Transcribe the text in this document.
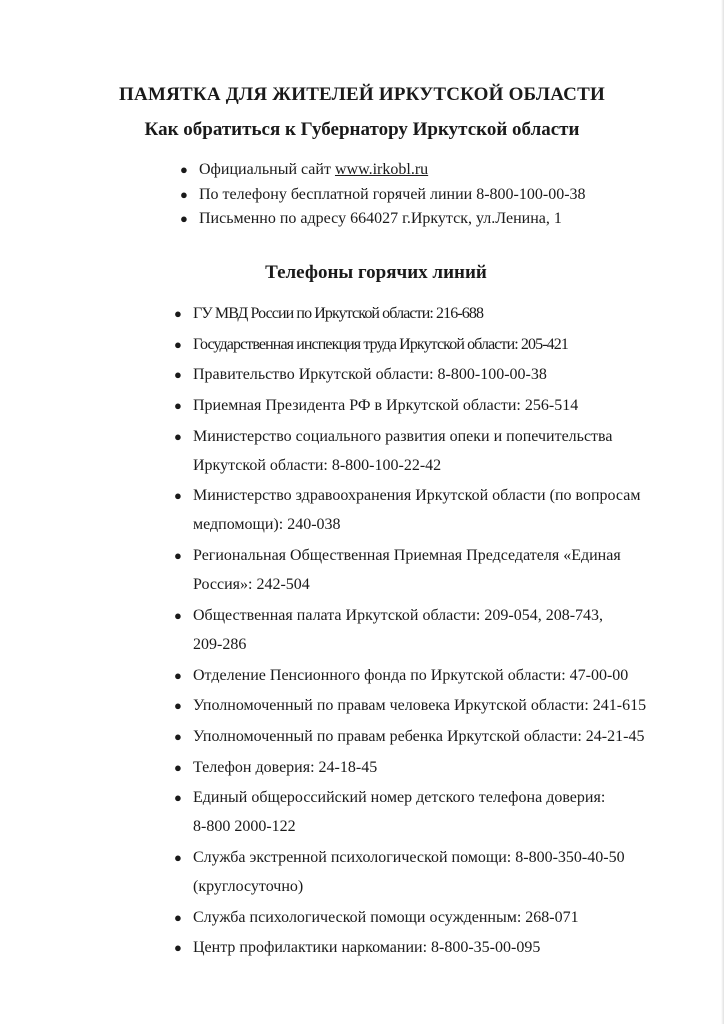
ПАМЯТКА ДЛЯ ЖИТЕЛЕЙ ИРКУТСКОЙ ОБЛАСТИ
Как обратиться к Губернатору Иркутской области
● Официальный сайт www.irkobl.ru
● По телефону бесплатной горячей линии 8-800-100-00-38
● Письменно по адресу 664027 г.Иркутск, ул.Ленина, 1
Телефоны горячих линий
● ГУ МВД России по Иркутской области: 216-688
● Государственная инспекция труда Иркутской области: 205-421
● Правительство Иркутской области: 8-800-100-00-38
● Приемная Президента РФ в Иркутской области: 256-514
● Министерство социального развития опеки и попечительства
Иркутской области: 8-800-100-22-42
● Министерство здравоохранения Иркутской области (по вопросам
медпомощи): 240-038
● Региональная Общественная Приемная Председателя «Единая
Россия»: 242-504
● Общественная палата Иркутской области: 209-054, 208-743,
209-286
● Отделение Пенсионного фонда по Иркутской области: 47-00-00
● Уполномоченный по правам человека Иркутской области: 241-615
● Уполномоченный по правам ребенка Иркутской области: 24-21-45
● Телефон доверия: 24-18-45
● Единый общероссийский номер детского телефона доверия:
8-800 2000-122
● Служба экстренной психологической помощи: 8-800-350-40-50
(круглосуточно)
● Служба психологической помощи осужденным: 268-071
● Центр профилактики наркомании: 8-800-35-00-095
